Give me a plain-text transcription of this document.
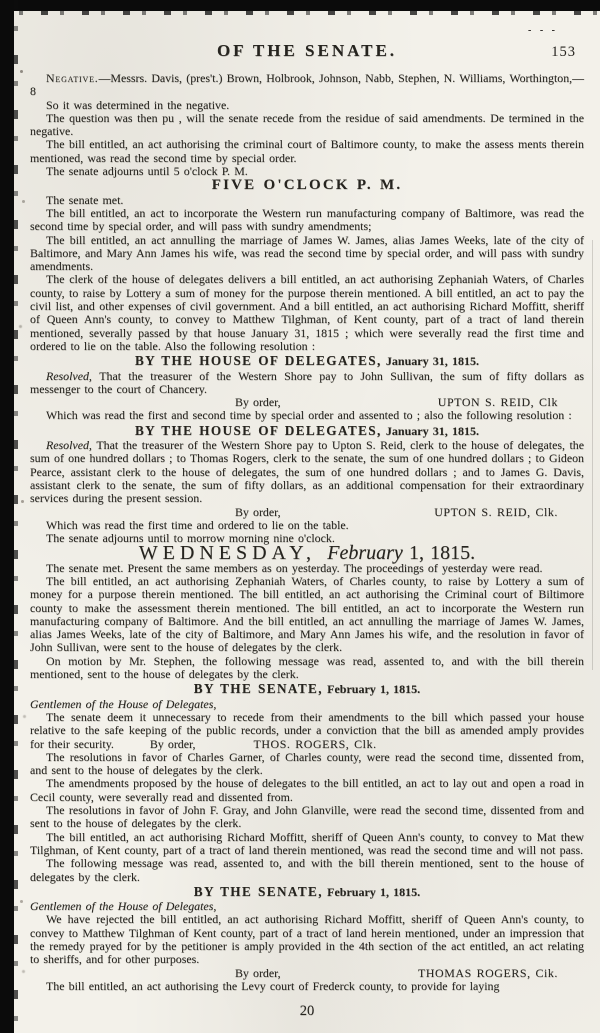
- - -
OF THE SENATE.	153

Negative.—Messrs. Davis, (pres't.) Brown, Holbrook, Johnson, Nabb, Stephen, N. Williams, Worthington,—8

So it was determined in the negative.

The question was then pu , will the senate recede from the residue of said amendments. De termined in the negative.

The bill entitled, an act authorising the criminal court of Baltimore county, to make the assess ments therein mentioned, was read the second time by special order.

The senate adjourns until 5 o'clock P. M.

FIVE O'CLOCK P. M.

The senate met.

The bill entitled, an act to incorporate the Western run manufacturing company of Baltimore, was read the second time by special order, and will pass with sundry amendments;

The bill entitled, an act annulling the marriage of James W. James, alias James Weeks, late of the city of Baltimore, and Mary Ann James his wife, was read the second time by special order, and will pass with sundry amendments.

The clerk of the house of delegates delivers a bill entitled, an act authorising Zephaniah Waters, of Charles county, to raise by Lottery a sum of money for the purpose therein mentioned. A bill entitled, an act to pay the civil list, and other expenses of civil government. And a bill entitled, an act authorising Richard Moffitt, sheriff of Queen Ann's county, to convey to Matthew Tilghman, of Kent county, part of a tract of land therein mentioned, severally passed by that house January 31, 1815 ; which were severally read the first time and ordered to lie on the table. Also the following resolution :

BY THE HOUSE OF DELEGATES, January 31, 1815.

Resolved, That the treasurer of the Western Shore pay to John Sullivan, the sum of fifty dollars as messenger to the court of Chancery.

By order,	UPTON S. REID, Clk

Which was read the first and second time by special order and assented to ; also the following resolution :

BY THE HOUSE OF DELEGATES, January 31, 1815.

Resolved, That the treasurer of the Western Shore pay to Upton S. Reid, clerk to the house of delegates, the sum of one hundred dollars ; to Thomas Rogers, clerk to the senate, the sum of one hundred dollars ; to Gideon Pearce, assistant clerk to the house of delegates, the sum of one hundred dollars ; and to James G. Davis, assistant clerk to the senate, the sum of fifty dollars, as an additional compensation for their extraordinary services during the present session.

By order,	UPTON S. REID, Clk.

Which was read the first time and ordered to lie on the table.

The senate adjourns until to morrow morning nine o'clock.

WEDNESDAY, February 1, 1815.

The senate met. Present the same members as on yesterday. The proceedings of yesterday were read.

The bill entitled, an act authorising Zephaniah Waters, of Charles county, to raise by Lottery a sum of money for a purpose therein mentioned. The bill entitled, an act authorising the Criminal court of Biltimore county to make the assessment therein mentioned. The bill entitled, an act to incorporate the Western run manufacturing company of Baltimore. And the bill entitled, an act annulling the marriage of James W. James, alias James Weeks, late of the city of Baltimore, and Mary Ann James his wife, and the resolution in favor of John Sullivan, were sent to the house of delegates by the clerk.

On motion by Mr. Stephen, the following message was read, assented to, and with the bill therein mentioned, sent to the house of delegates by the clerk.

BY THE SENATE, February 1, 1815.

Gentlemen of the House of Delegates,

The senate deem it unnecessary to recede from their amendments to the bill which passed your house relative to the safe keeping of the public records, under a conviction that the bill as amended amply provides for their security.	By order,	THOS. ROGERS, Clk.

The resolutions in favor of Charles Garner, of Charles county, were read the second time, dissented from, and sent to the house of delegates by the clerk.

The amendments proposed by the house of delegates to the bill entitled, an act to lay out and open a road in Cecil county, were severally read and dissented from.

The resolutions in favor of John F. Gray, and John Glanville, were read the second time, dissented from and sent to the house of delegates by the clerk.

The bill entitled, an act authorising Richard Moffitt, sheriff of Queen Ann's county, to convey to Mat thew Tilghman, of Kent county, part of a tract of land therein mentioned, was read the second time and will not pass.

The following message was read, assented to, and with the bill therein mentioned, sent to the house of delegates by the clerk.

BY THE SENATE, February 1, 1815.

Gentlemen of the House of Delegates,

We have rejected the bill entitled, an act authorising Richard Moffitt, sheriff of Queen Ann's county, to convey to Matthew Tilghman of Kent county, part of a tract of land herein mentioned, under an impression that the remedy prayed for by the petitioner is amply provided in the 4th section of the act entitled, an act relating to sheriffs, and for other purposes.

By order,	THOMAS ROGERS, Cik.

The bill entitled, an act authorising the Levy court of Frederck county, to provide for laying

20
